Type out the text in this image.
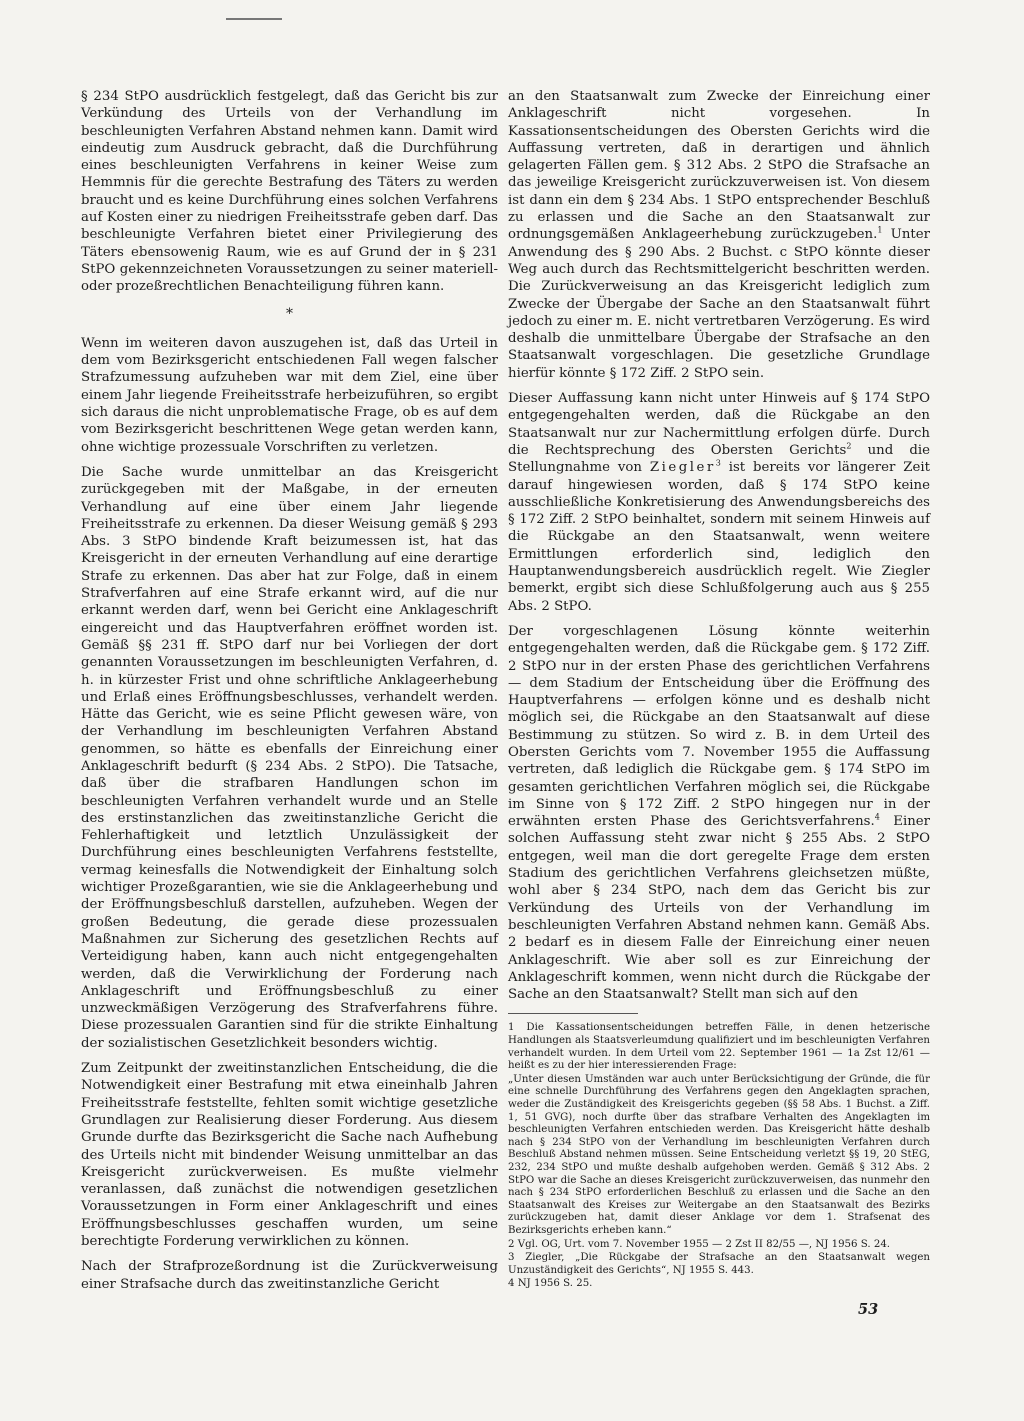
§ 234 StPO ausdrücklich festgelegt, daß das Gericht bis zur Verkündung des Urteils von der Verhandlung im beschleunigten Verfahren Abstand nehmen kann. Damit wird eindeutig zum Ausdruck gebracht, daß die Durchführung eines beschleunigten Verfahrens in keiner Weise zum Hemmnis für die gerechte Bestrafung des Täters zu werden braucht und es keine Durchführung eines solchen Verfahrens auf Kosten einer zu niedrigen Freiheitsstrafe geben darf. Das beschleunigte Verfahren bietet einer Privilegierung des Täters ebensowenig Raum, wie es auf Grund der in § 231 StPO gekennzeichneten Voraussetzungen zu seiner materiell- oder prozeßrechtlichen Benachteiligung führen kann.

*

Wenn im weiteren davon auszugehen ist, daß das Urteil in dem vom Bezirksgericht entschiedenen Fall wegen falscher Strafzumessung aufzuheben war mit dem Ziel, eine über einem Jahr liegende Freiheitsstrafe herbeizuführen, so ergibt sich daraus die nicht unproblematische Frage, ob es auf dem vom Bezirksgericht beschrittenen Wege getan werden kann, ohne wichtige prozessuale Vorschriften zu verletzen.

Die Sache wurde unmittelbar an das Kreisgericht zurückgegeben mit der Maßgabe, in der erneuten Verhandlung auf eine über einem Jahr liegende Freiheitsstrafe zu erkennen. Da dieser Weisung gemäß § 293 Abs. 3 StPO bindende Kraft beizumessen ist, hat das Kreisgericht in der erneuten Verhandlung auf eine derartige Strafe zu erkennen. Das aber hat zur Folge, daß in einem Strafverfahren auf eine Strafe erkannt wird, auf die nur erkannt werden darf, wenn bei Gericht eine Anklageschrift eingereicht und das Hauptverfahren eröffnet worden ist. Gemäß §§ 231 ff. StPO darf nur bei Vorliegen der dort genannten Voraussetzungen im beschleunigten Verfahren, d. h. in kürzester Frist und ohne schriftliche Anklageerhebung und Erlaß eines Eröffnungsbeschlusses, verhandelt werden. Hätte das Gericht, wie es seine Pflicht gewesen wäre, von der Verhandlung im beschleunigten Verfahren Abstand genommen, so hätte es ebenfalls der Einreichung einer Anklageschrift bedurft (§ 234 Abs. 2 StPO). Die Tatsache, daß über die strafbaren Handlungen schon im beschleunigten Verfahren verhandelt wurde und an Stelle des erstinstanzlichen das zweitinstanzliche Gericht die Fehlerhaftigkeit und letztlich Unzulässigkeit der Durchführung eines beschleunigten Verfahrens feststellte, vermag keinesfalls die Notwendigkeit der Einhaltung solch wichtiger Prozeßgarantien, wie sie die Anklageerhebung und der Eröffnungsbeschluß darstellen, aufzuheben. Wegen der großen Bedeutung, die gerade diese prozessualen Maßnahmen zur Sicherung des gesetzlichen Rechts auf Verteidigung haben, kann auch nicht entgegengehalten werden, daß die Verwirklichung der Forderung nach Anklageschrift und Eröffnungsbeschluß zu einer unzweckmäßigen Verzögerung des Strafverfahrens führe. Diese prozessualen Garantien sind für die strikte Einhaltung der sozialistischen Gesetzlichkeit besonders wichtig.

Zum Zeitpunkt der zweitinstanzlichen Entscheidung, die die Notwendigkeit einer Bestrafung mit etwa eineinhalb Jahren Freiheitsstrafe feststellte, fehlten somit wichtige gesetzliche Grundlagen zur Realisierung dieser Forderung. Aus diesem Grunde durfte das Bezirksgericht die Sache nach Aufhebung des Urteils nicht mit bindender Weisung unmittelbar an das Kreisgericht zurückverweisen. Es mußte vielmehr veranlassen, daß zunächst die notwendigen gesetzlichen Voraussetzungen in Form einer Anklageschrift und eines Eröffnungsbeschlusses geschaffen wurden, um seine berechtigte Forderung verwirklichen zu können.

Nach der Strafprozeßordnung ist die Zurückverweisung einer Strafsache durch das zweitinstanzliche Gericht

an den Staatsanwalt zum Zwecke der Einreichung einer Anklageschrift nicht vorgesehen. In Kassationsentscheidungen des Obersten Gerichts wird die Auffassung vertreten, daß in derartigen und ähnlich gelagerten Fällen gem. § 312 Abs. 2 StPO die Strafsache an das jeweilige Kreisgericht zurückzuverweisen ist. Von diesem ist dann ein dem § 234 Abs. 1 StPO entsprechender Beschluß zu erlassen und die Sache an den Staatsanwalt zur ordnungsgemäßen Anklageerhebung zurückzugeben.$^1$ Unter Anwendung des § 290 Abs. 2 Buchst. c StPO könnte dieser Weg auch durch das Rechtsmittelgericht beschritten werden. Die Zurückverweisung an das Kreisgericht lediglich zum Zwecke der Übergabe der Sache an den Staatsanwalt führt jedoch zu einer m. E. nicht vertretbaren Verzögerung. Es wird deshalb die unmittelbare Übergabe der Strafsache an den Staatsanwalt vorgeschlagen. Die gesetzliche Grundlage hierfür könnte § 172 Ziff. 2 StPO sein.

Dieser Auffassung kann nicht unter Hinweis auf § 174 StPO entgegengehalten werden, daß die Rückgabe an den Staatsanwalt nur zur Nachermittlung erfolgen dürfe. Durch die Rechtsprechung des Obersten Gerichts$^2$ und die Stellungnahme von Ziegler$^3$ ist bereits vor längerer Zeit darauf hingewiesen worden, daß § 174 StPO keine ausschließliche Konkretisierung des Anwendungsbereichs des § 172 Ziff. 2 StPO beinhaltet, sondern mit seinem Hinweis auf die Rückgabe an den Staatsanwalt, wenn weitere Ermittlungen erforderlich sind, lediglich den Hauptanwendungsbereich ausdrücklich regelt. Wie Ziegler bemerkt, ergibt sich diese Schlußfolgerung auch aus § 255 Abs. 2 StPO.

Der vorgeschlagenen Lösung könnte weiterhin entgegengehalten werden, daß die Rückgabe gem. § 172 Ziff. 2 StPO nur in der ersten Phase des gerichtlichen Verfahrens — dem Stadium der Entscheidung über die Eröffnung des Hauptverfahrens — erfolgen könne und es deshalb nicht möglich sei, die Rückgabe an den Staatsanwalt auf diese Bestimmung zu stützen. So wird z. B. in dem Urteil des Obersten Gerichts vom 7. November 1955 die Auffassung vertreten, daß lediglich die Rückgabe gem. § 174 StPO im gesamten gerichtlichen Verfahren möglich sei, die Rückgabe im Sinne von § 172 Ziff. 2 StPO hingegen nur in der erwähnten ersten Phase des Gerichtsverfahrens.$^4$ Einer solchen Auffassung steht zwar nicht § 255 Abs. 2 StPO entgegen, weil man die dort geregelte Frage dem ersten Stadium des gerichtlichen Verfahrens gleichsetzen müßte, wohl aber § 234 StPO, nach dem das Gericht bis zur Verkündung des Urteils von der Verhandlung im beschleunigten Verfahren Abstand nehmen kann. Gemäß Abs. 2 bedarf es in diesem Falle der Einreichung einer neuen Anklageschrift. Wie aber soll es zur Einreichung der Anklageschrift kommen, wenn nicht durch die Rückgabe der Sache an den Staatsanwalt? Stellt man sich auf den

1 Die Kassationsentscheidungen betreffen Fälle, in denen hetzerische Handlungen als Staatsverleumdung qualifiziert und im beschleunigten Verfahren verhandelt wurden. In dem Urteil vom 22. September 1961 — 1a Zst 12/61 — heißt es zu der hier interessierenden Frage:

„Unter diesen Umständen war auch unter Berücksichtigung der Gründe, die für eine schnelle Durchführung des Verfahrens gegen den Angeklagten sprachen, weder die Zuständigkeit des Kreisgerichts gegeben (§§ 58 Abs. 1 Buchst. a Ziff. 1, 51 GVG), noch durfte über das strafbare Verhalten des Angeklagten im beschleunigten Verfahren entschieden werden. Das Kreisgericht hätte deshalb nach § 234 StPO von der Verhandlung im beschleunigten Verfahren durch Beschluß Abstand nehmen müssen. Seine Entscheidung verletzt §§ 19, 20 StEG, 232, 234 StPO und mußte deshalb aufgehoben werden. Gemäß § 312 Abs. 2 StPO war die Sache an dieses Kreisgericht zurückzuverweisen, das nunmehr den nach § 234 StPO erforderlichen Beschluß zu erlassen und die Sache an den Staatsanwalt des Kreises zur Weitergabe an den Staatsanwalt des Bezirks zurückzugeben hat, damit dieser Anklage vor dem 1. Strafsenat des Bezirksgerichts erheben kann.“

2 Vgl. OG, Urt. vom 7. November 1955 — 2 Zst II 82/55 —, NJ 1956 S. 24.

3 Ziegler, „Die Rückgabe der Strafsache an den Staatsanwalt wegen Unzuständigkeit des Gerichts“, NJ 1955 S. 443.

4 NJ 1956 S. 25.

53
